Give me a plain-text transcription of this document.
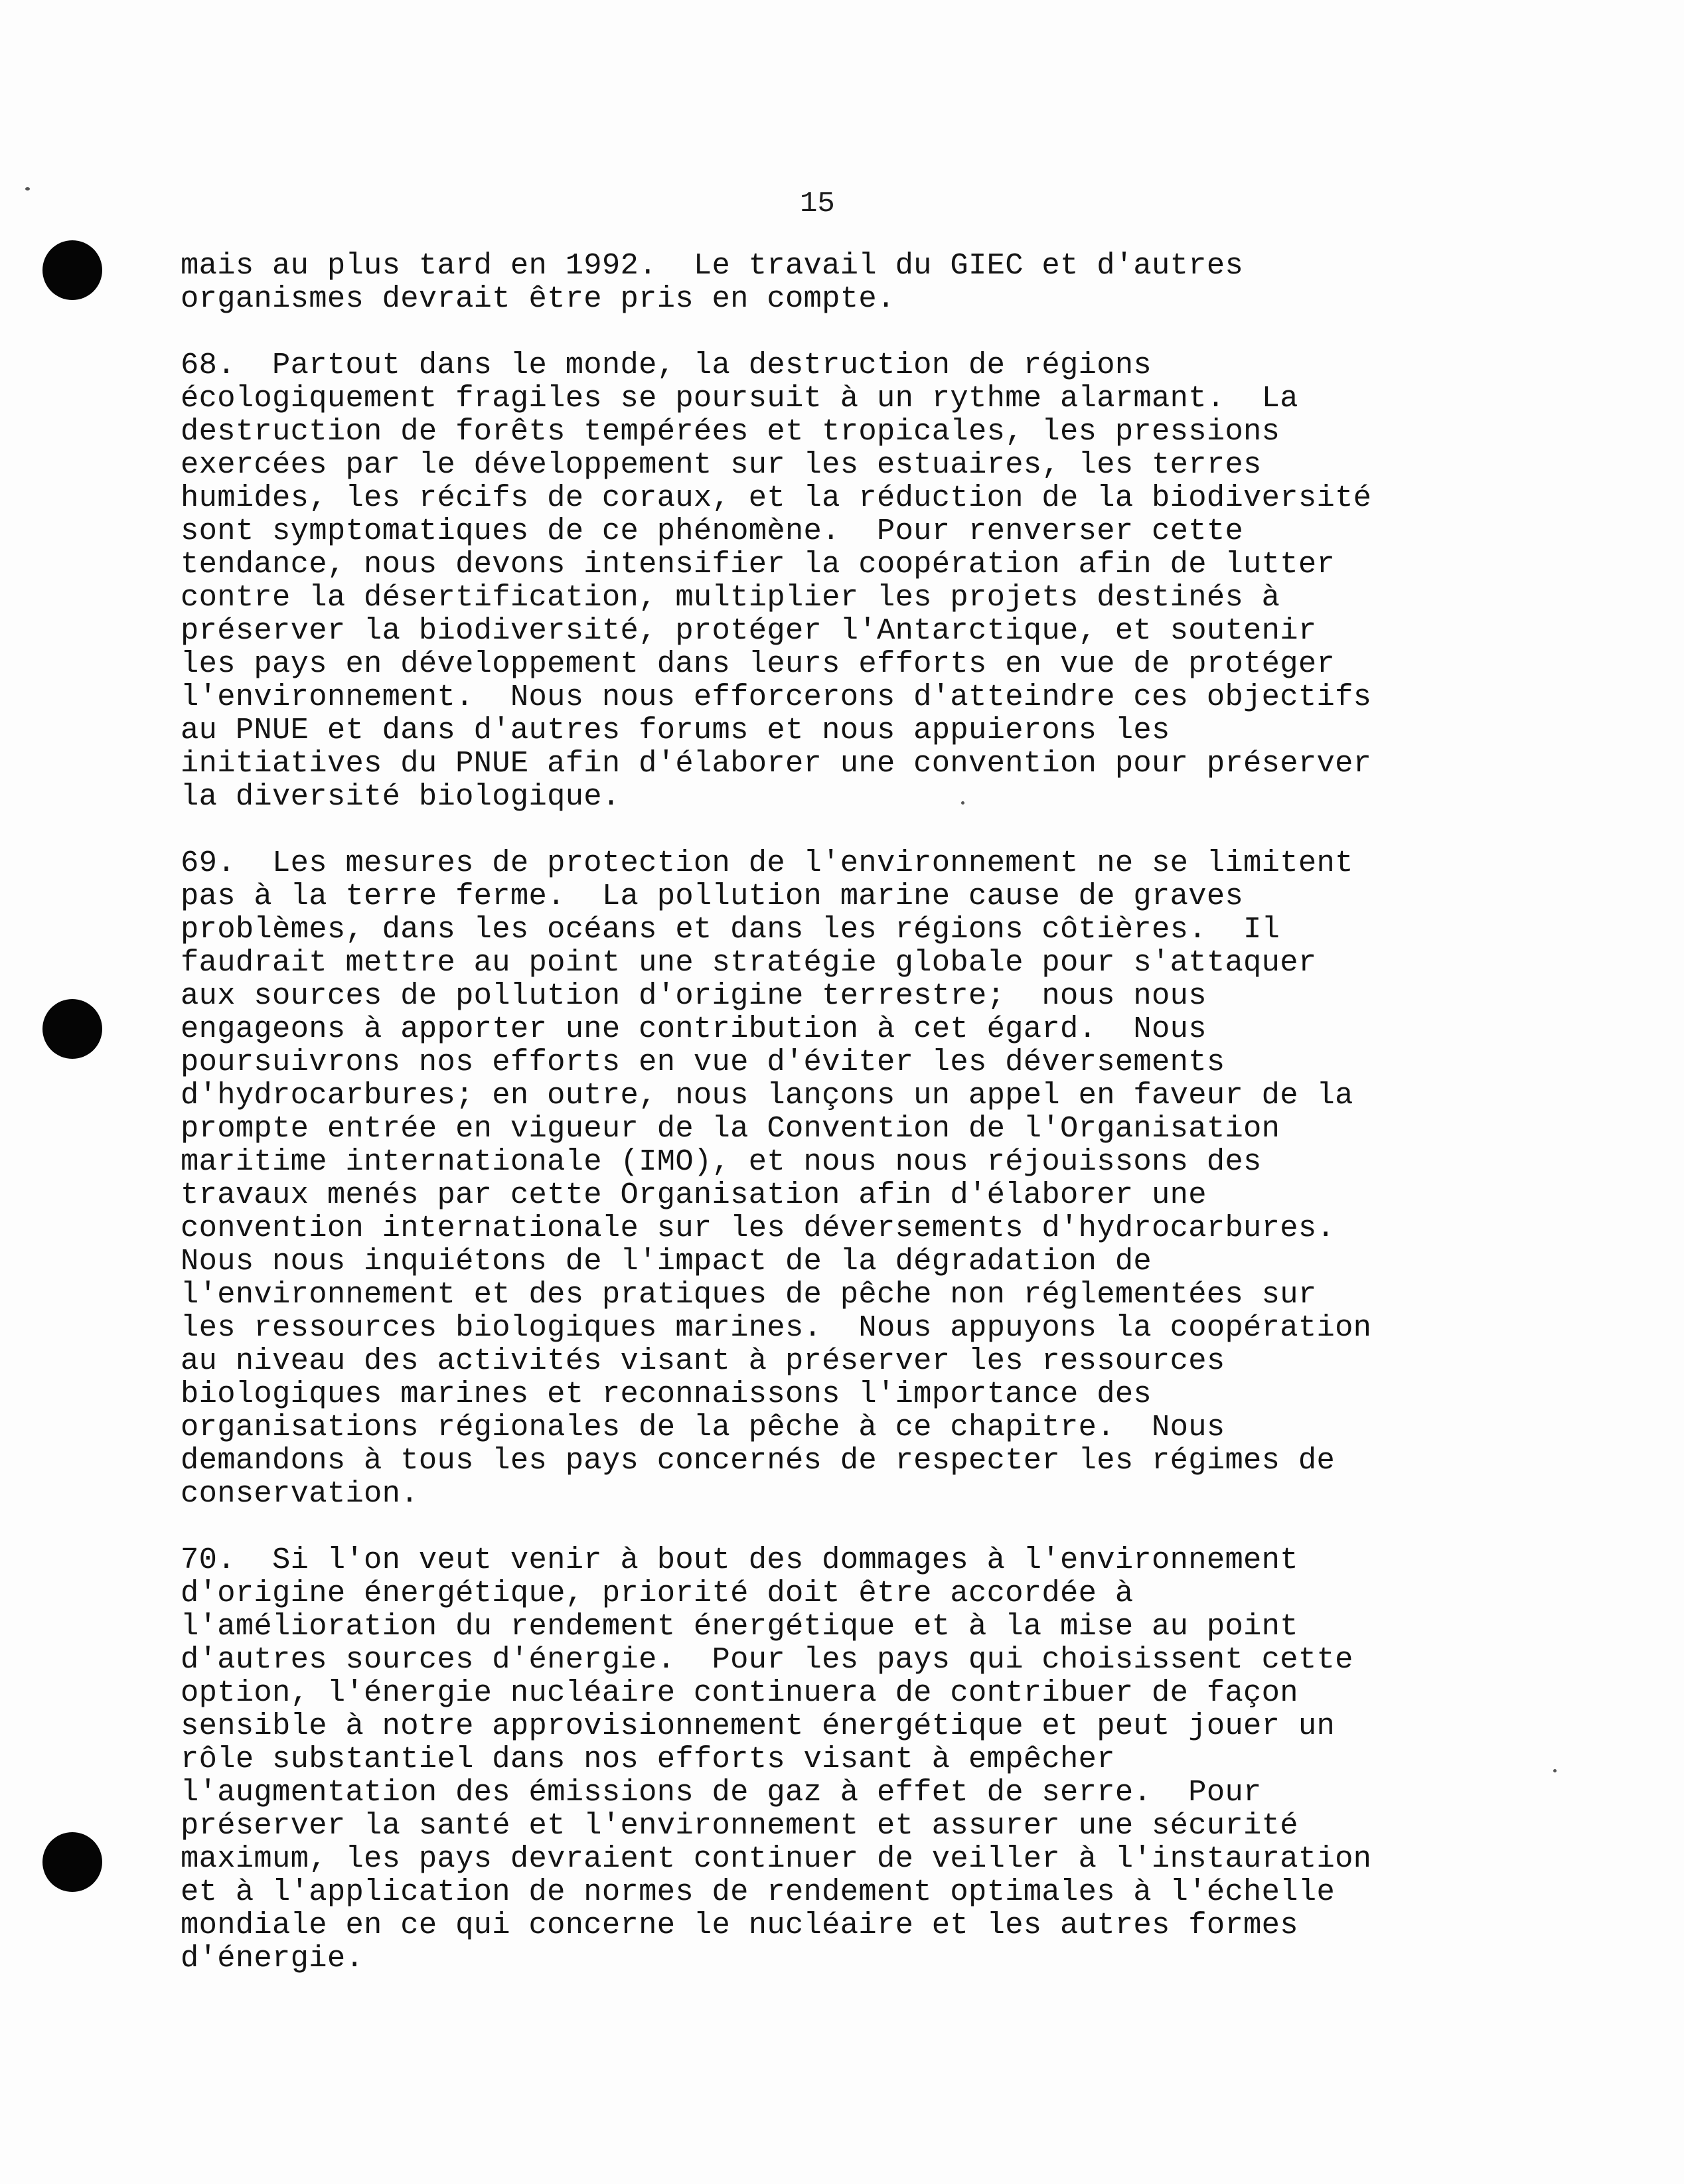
15
mais au plus tard en 1992.  Le travail du GIEC et d'autres
organismes devrait être pris en compte.
68.  Partout dans le monde, la destruction de régions
écologiquement fragiles se poursuit à un rythme alarmant.  La
destruction de forêts tempérées et tropicales, les pressions
exercées par le développement sur les estuaires, les terres
humides, les récifs de coraux, et la réduction de la biodiversité
sont symptomatiques de ce phénomène.  Pour renverser cette
tendance, nous devons intensifier la coopération afin de lutter
contre la désertification, multiplier les projets destinés à
préserver la biodiversité, protéger l'Antarctique, et soutenir
les pays en développement dans leurs efforts en vue de protéger
l'environnement.  Nous nous efforcerons d'atteindre ces objectifs
au PNUE et dans d'autres forums et nous appuierons les
initiatives du PNUE afin d'élaborer une convention pour préserver
la diversité biologique.
69.  Les mesures de protection de l'environnement ne se limitent
pas à la terre ferme.  La pollution marine cause de graves
problèmes, dans les océans et dans les régions côtières.  Il
faudrait mettre au point une stratégie globale pour s'attaquer
aux sources de pollution d'origine terrestre;  nous nous
engageons à apporter une contribution à cet égard.  Nous
poursuivrons nos efforts en vue d'éviter les déversements
d'hydrocarbures; en outre, nous lançons un appel en faveur de la
prompte entrée en vigueur de la Convention de l'Organisation
maritime internationale (IMO), et nous nous réjouissons des
travaux menés par cette Organisation afin d'élaborer une
convention internationale sur les déversements d'hydrocarbures.
Nous nous inquiétons de l'impact de la dégradation de
l'environnement et des pratiques de pêche non réglementées sur
les ressources biologiques marines.  Nous appuyons la coopération
au niveau des activités visant à préserver les ressources
biologiques marines et reconnaissons l'importance des
organisations régionales de la pêche à ce chapitre.  Nous
demandons à tous les pays concernés de respecter les régimes de
conservation.
70.  Si l'on veut venir à bout des dommages à l'environnement
d'origine énergétique, priorité doit être accordée à
l'amélioration du rendement énergétique et à la mise au point
d'autres sources d'énergie.  Pour les pays qui choisissent cette
option, l'énergie nucléaire continuera de contribuer de façon
sensible à notre approvisionnement énergétique et peut jouer un
rôle substantiel dans nos efforts visant à empêcher
l'augmentation des émissions de gaz à effet de serre.  Pour
préserver la santé et l'environnement et assurer une sécurité
maximum, les pays devraient continuer de veiller à l'instauration
et à l'application de normes de rendement optimales à l'échelle
mondiale en ce qui concerne le nucléaire et les autres formes
d'énergie.
